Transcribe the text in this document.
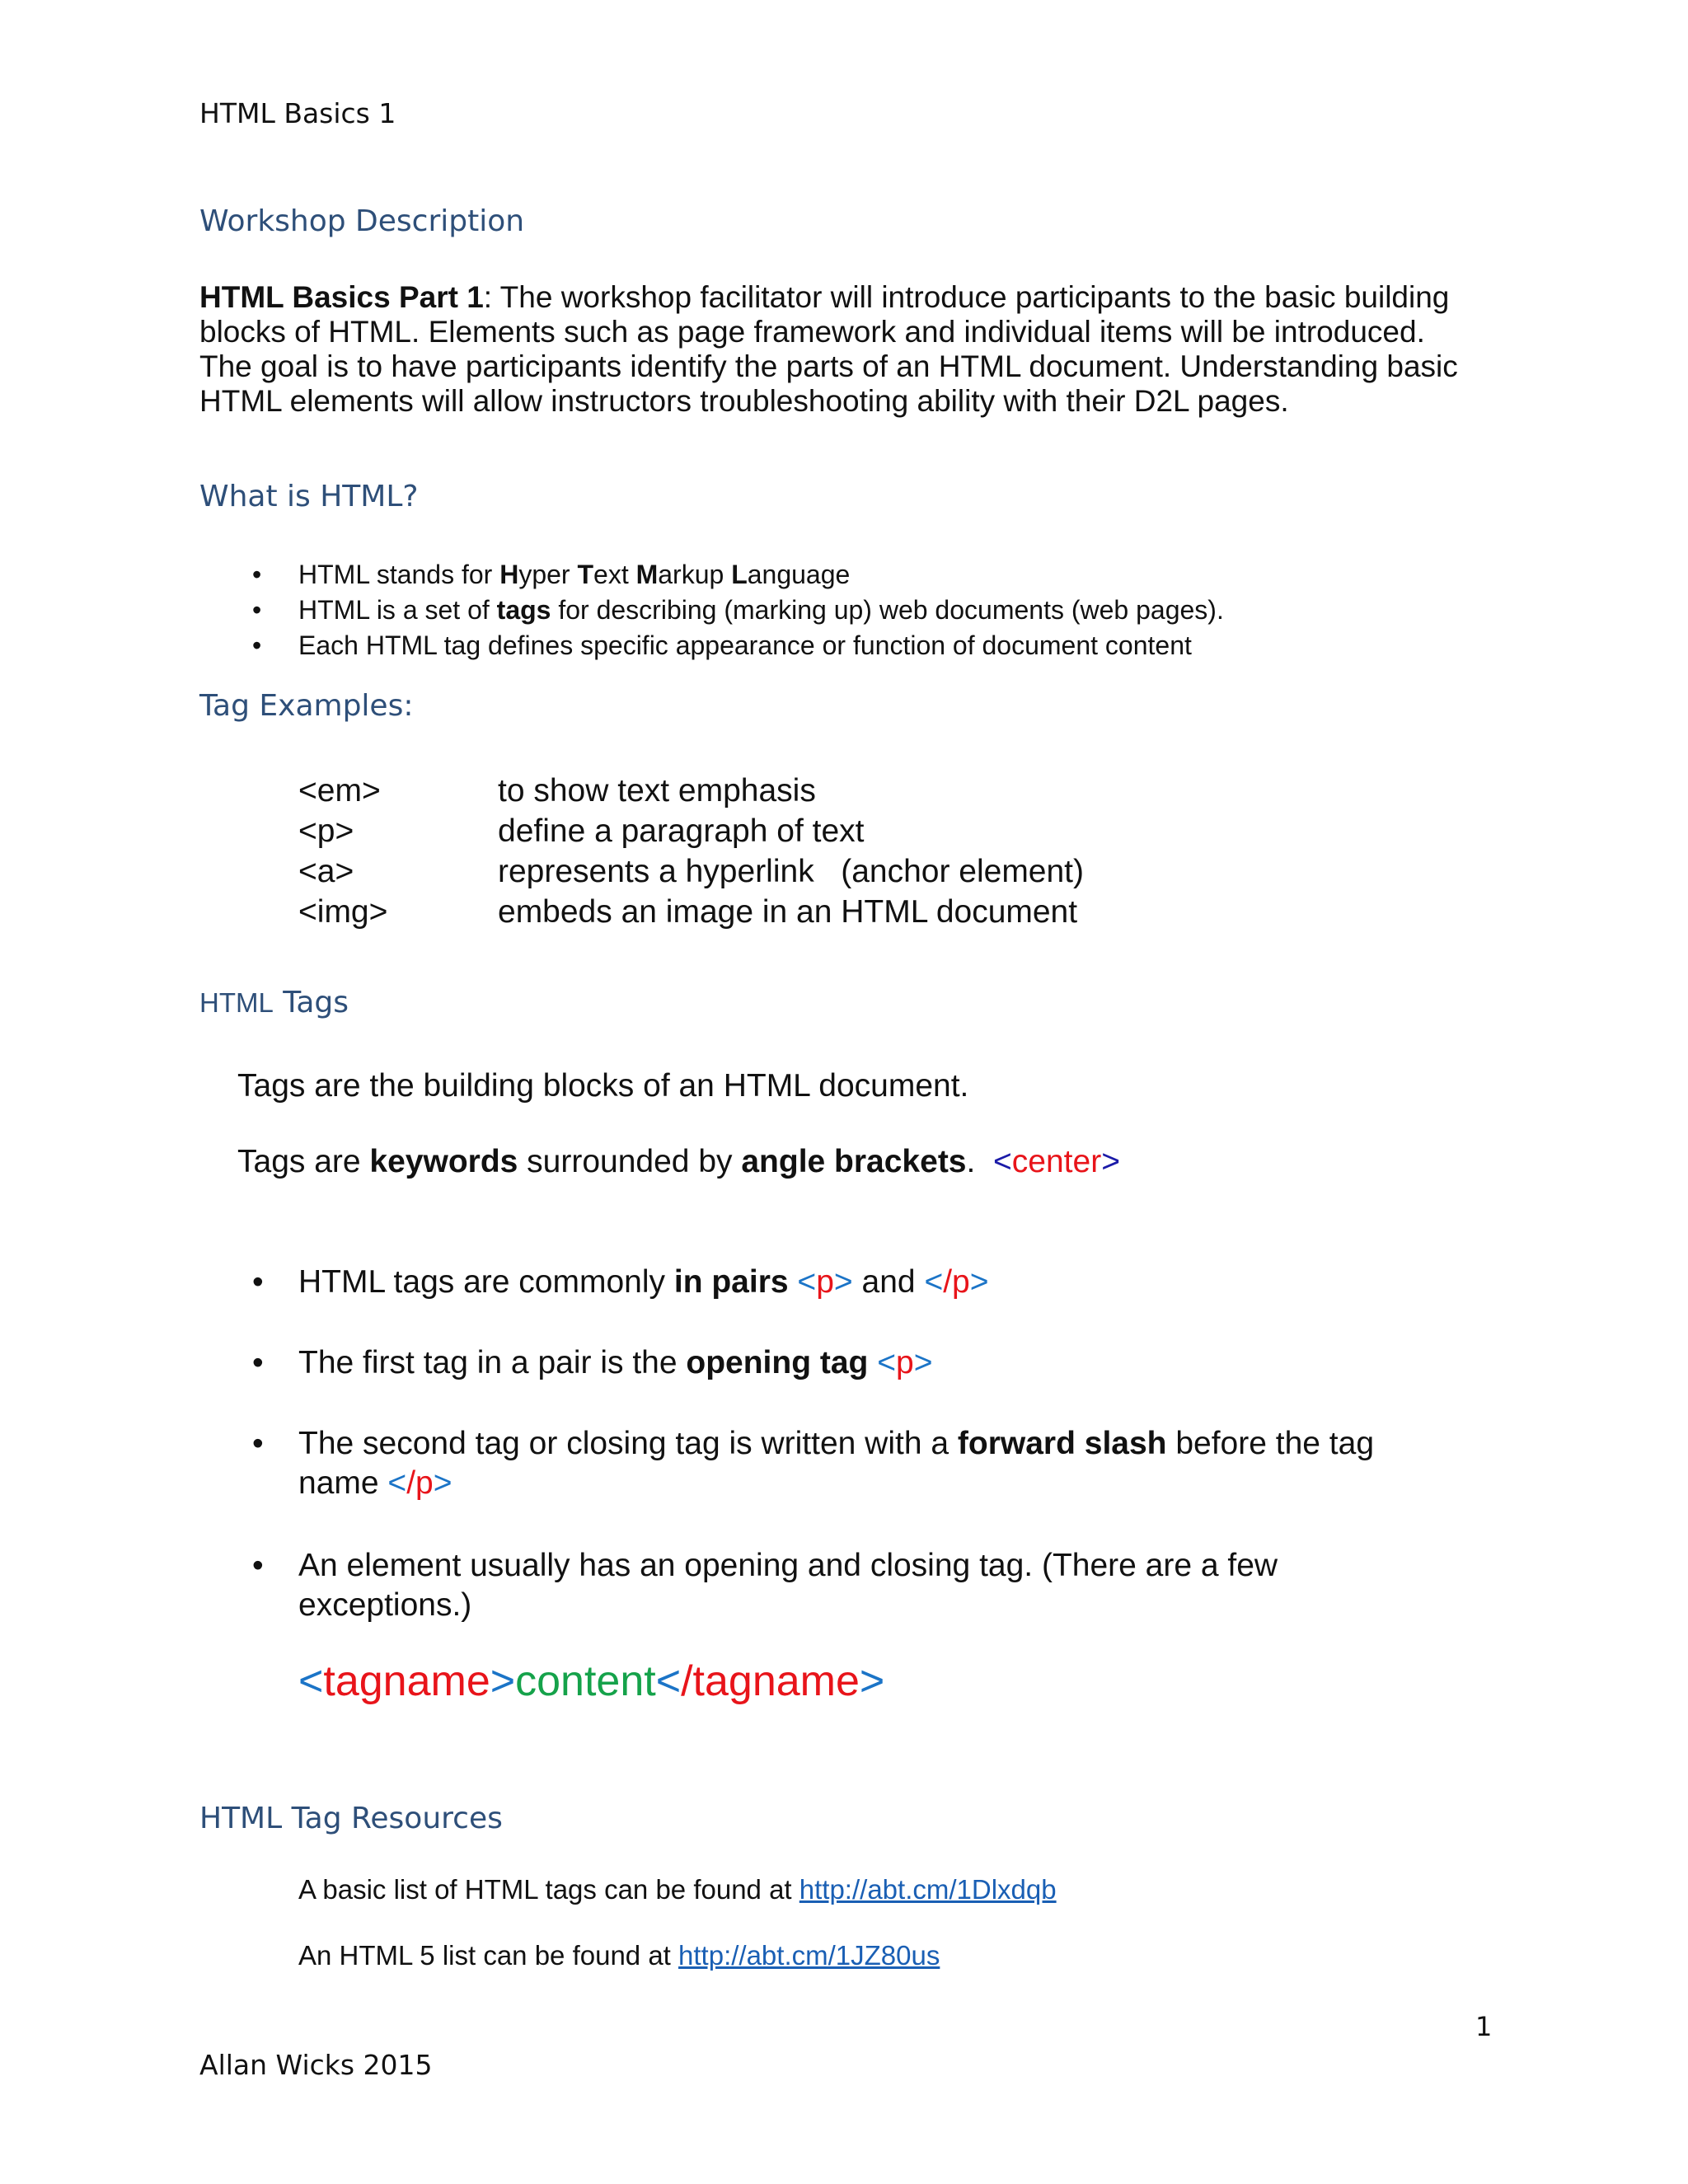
HTML Basics 1
Workshop Description

HTML Basics Part 1: The workshop facilitator will introduce participants to the basic building blocks of HTML. Elements such as page framework and individual items will be introduced. The goal is to have participants identify the parts of an HTML document. Understanding basic HTML elements will allow instructors troubleshooting ability with their D2L pages.

What is HTML?
• HTML stands for Hyper Text Markup Language
• HTML is a set of tags for describing (marking up) web documents (web pages).
• Each HTML tag defines specific appearance or function of document content
Tag Examples:
<em>	to show text emphasis
<p>	define a paragraph of text
<a>	represents a hyperlink   (anchor element)
<img>	embeds an image in an HTML document
HTML Tags
Tags are the building blocks of an HTML document.
Tags are keywords surrounded by angle brackets. <center>
• HTML tags are commonly in pairs <p> and </p>
• The first tag in a pair is the opening tag <p>
• The second tag or closing tag is written with a forward slash before the tag name </p>
• An element usually has an opening and closing tag. (There are a few exceptions.)
<tagname>content</tagname>
HTML Tag Resources
A basic list of HTML tags can be found at http://abt.cm/1Dlxdqb
An HTML 5 list can be found at http://abt.cm/1JZ80us
1
Allan Wicks 2015
